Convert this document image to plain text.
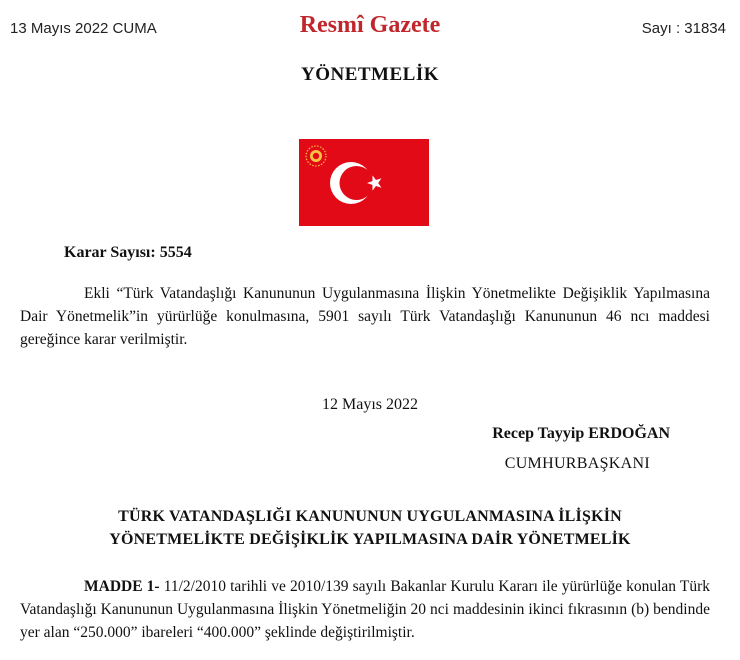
13 Mayıs 2022 CUMA	Resmî Gazete	Sayı : 31834
YÖNETMELİK
Karar Sayısı: 5554

Ekli “Türk Vatandaşlığı Kanununun Uygulanmasına İlişkin Yönetmelikte Değişiklik Yapılmasına Dair Yönetmelik”in yürürlüğe konulmasına, 5901 sayılı Türk Vatandaşlığı Kanununun 46 ncı maddesi gereğince karar verilmiştir.

12 Mayıs 2022
Recep Tayyip ERDOĞAN
CUMHURBAŞKANI
TÜRK VATANDAŞLIĞI KANUNUNUN UYGULANMASINA İLİŞKİN
YÖNETMELİKTE DEĞİŞİKLİK YAPILMASINA DAİR YÖNETMELİK

MADDE 1- 11/2/2010 tarihli ve 2010/139 sayılı Bakanlar Kurulu Kararı ile yürürlüğe konulan Türk Vatandaşlığı Kanununun Uygulanmasına İlişkin Yönetmeliğin 20 nci maddesinin ikinci fıkrasının (b) bendinde yer alan “250.000” ibareleri “400.000” şeklinde değiştirilmiştir.
